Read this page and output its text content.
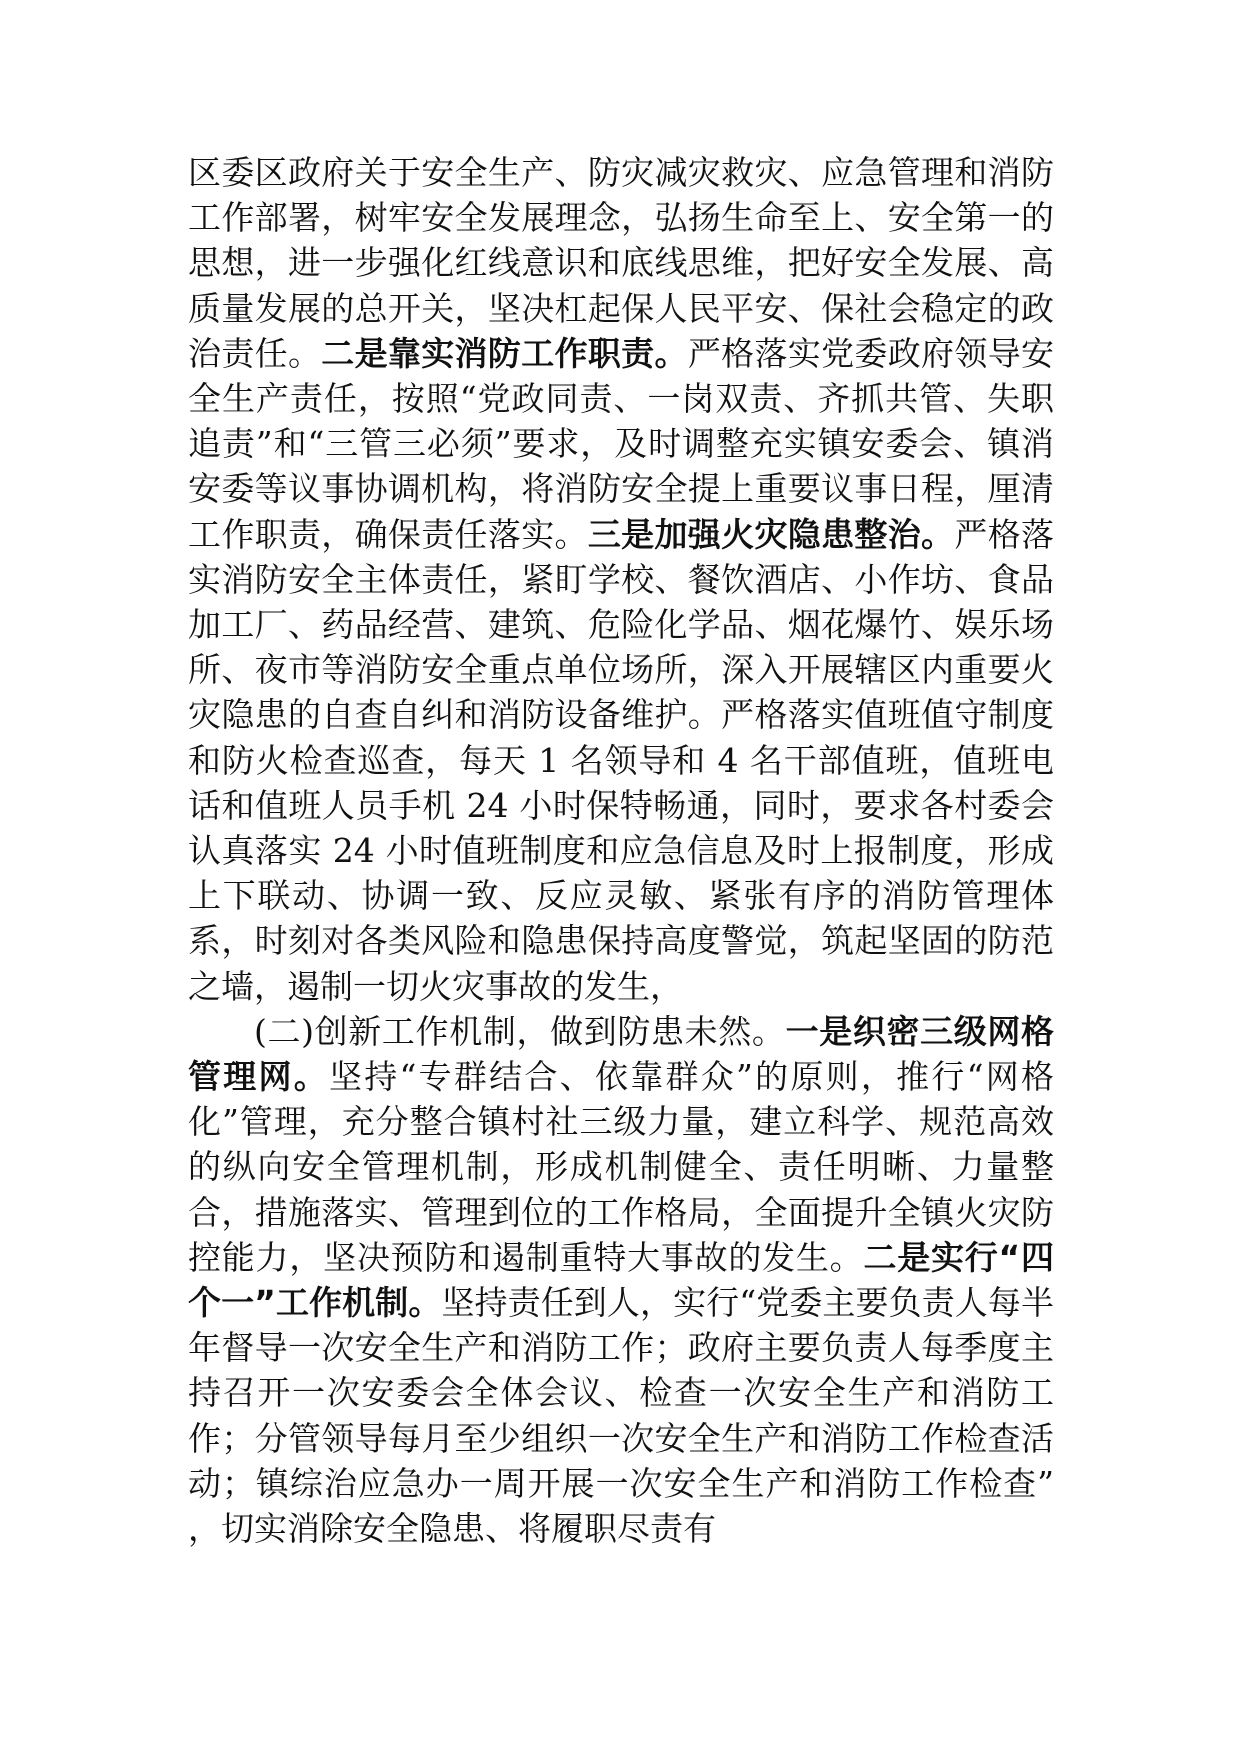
区委区政府关于安全生产、防灾减灾救灾、应急管理和消防工作部署，树牢安全发展理念，弘扬生命至上、安全第一的思想，进一步强化红线意识和底线思维，把好安全发展、高质量发展的总开关，坚决杠起保人民平安、保社会稳定的政治责任。二是靠实消防工作职责。严格落实党委政府领导安全生产责任，按照“党政同责、一岗双责、齐抓共管、失职追责”和“三管三必须”要求，及时调整充实镇安委会、镇消安委等议事协调机构，将消防安全提上重要议事日程，厘清工作职责，确保责任落实。三是加强火灾隐患整治。严格落实消防安全主体责任，紧盯学校、餐饮酒店、小作坊、食品加工厂、药品经营、建筑、危险化学品、烟花爆竹、娱乐场所、夜市等消防安全重点单位场所，深入开展辖区内重要火灾隐患的自查自纠和消防设备维护。严格落实值班值守制度和防火检查巡查，每天 1 名领导和 4 名干部值班，值班电话和值班人员手机 24 小时保特畅通，同时，要求各村委会认真落实 24 小时值班制度和应急信息及时上报制度，形成上下联动、协调一致、反应灵敏、紧张有序的消防管理体系，时刻对各类风险和隐患保持高度警觉，筑起坚固的防范之墙，遏制一切火灾事故的发生，

(二)创新工作机制，做到防患未然。一是织密三级网格管理网。坚持“专群结合、依靠群众”的原则，推行“网格化”管理，充分整合镇村社三级力量，建立科学、规范高效的纵向安全管理机制，形成机制健全、责任明晰、力量整合，措施落实、管理到位的工作格局，全面提升全镇火灾防控能力，坚决预防和遏制重特大事故的发生。二是实行“四个一”工作机制。坚持责任到人，实行“党委主要负责人每半年督导一次安全生产和消防工作；政府主要负责人每季度主持召开一次安委会全体会议、检查一次安全生产和消防工作；分管领导每月至少组织一次安全生产和消防工作检查活动；镇综治应急办一周开展一次安全生产和消防工作检查” ，切实消除安全隐患、将履职尽责有
